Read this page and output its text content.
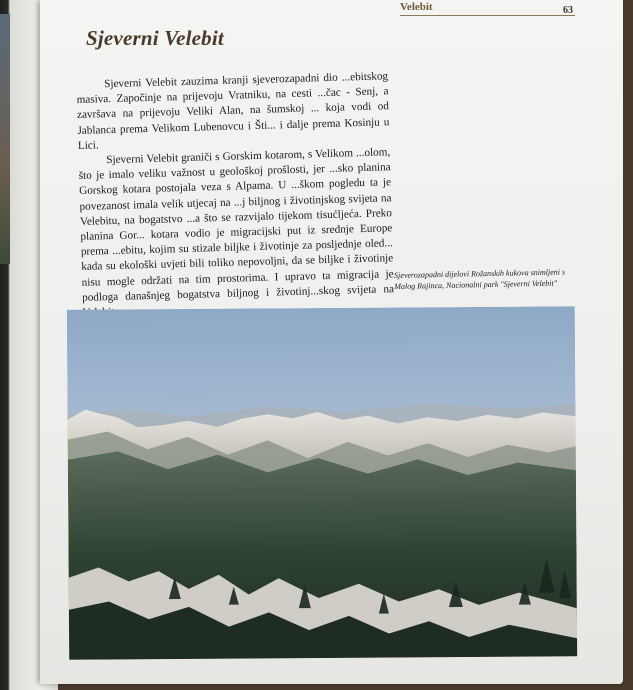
Velebit	63
Sjeverni Velebit

Sjeverni Velebit zauzima kranji sjeverozapadni dio ...ebitskog masiva. Započinje na prijevoju Vratniku, na cesti ...čac - Senj, a završava na prijevoju Veliki Alan, na šumskoj ... koja vodi od Jablanca prema Velikom Lubenovcu i Šti... i dalje prema Kosinju u Lici.

Sjeverni Velebit graniči s Gorskim kotarom, s Velikom ...olom, što je imalo veliku važnost u geološkoj prošlosti, jer ...sko planina Gorskog kotara postojala veza s Alpama. U ...škom pogledu ta je povezanost imala velik utjecaj na ...j biljnog i životinjskog svijeta na Velebitu, na bogatstvo ...a što se razvijalo tijekom tisućljeća. Preko planina Gor... kotara vodio je migracijski put iz srednje Europe prema ...ebitu, kojim su stizale biljke i životinje za posljednje oled... kada su ekološki uvjeti bili toliko nepovoljni, da se biljke i životinje nisu mogle održati na tim prostorima. I upravo ta migracija je podloga današnjeg bogatstva biljnog i životinj...skog svijeta na

Sjeverozapadni dijelovi Rožanskih kukova snimljeni s Malog Rajinca, Nacionalni park "Sjeverni Velebit"
